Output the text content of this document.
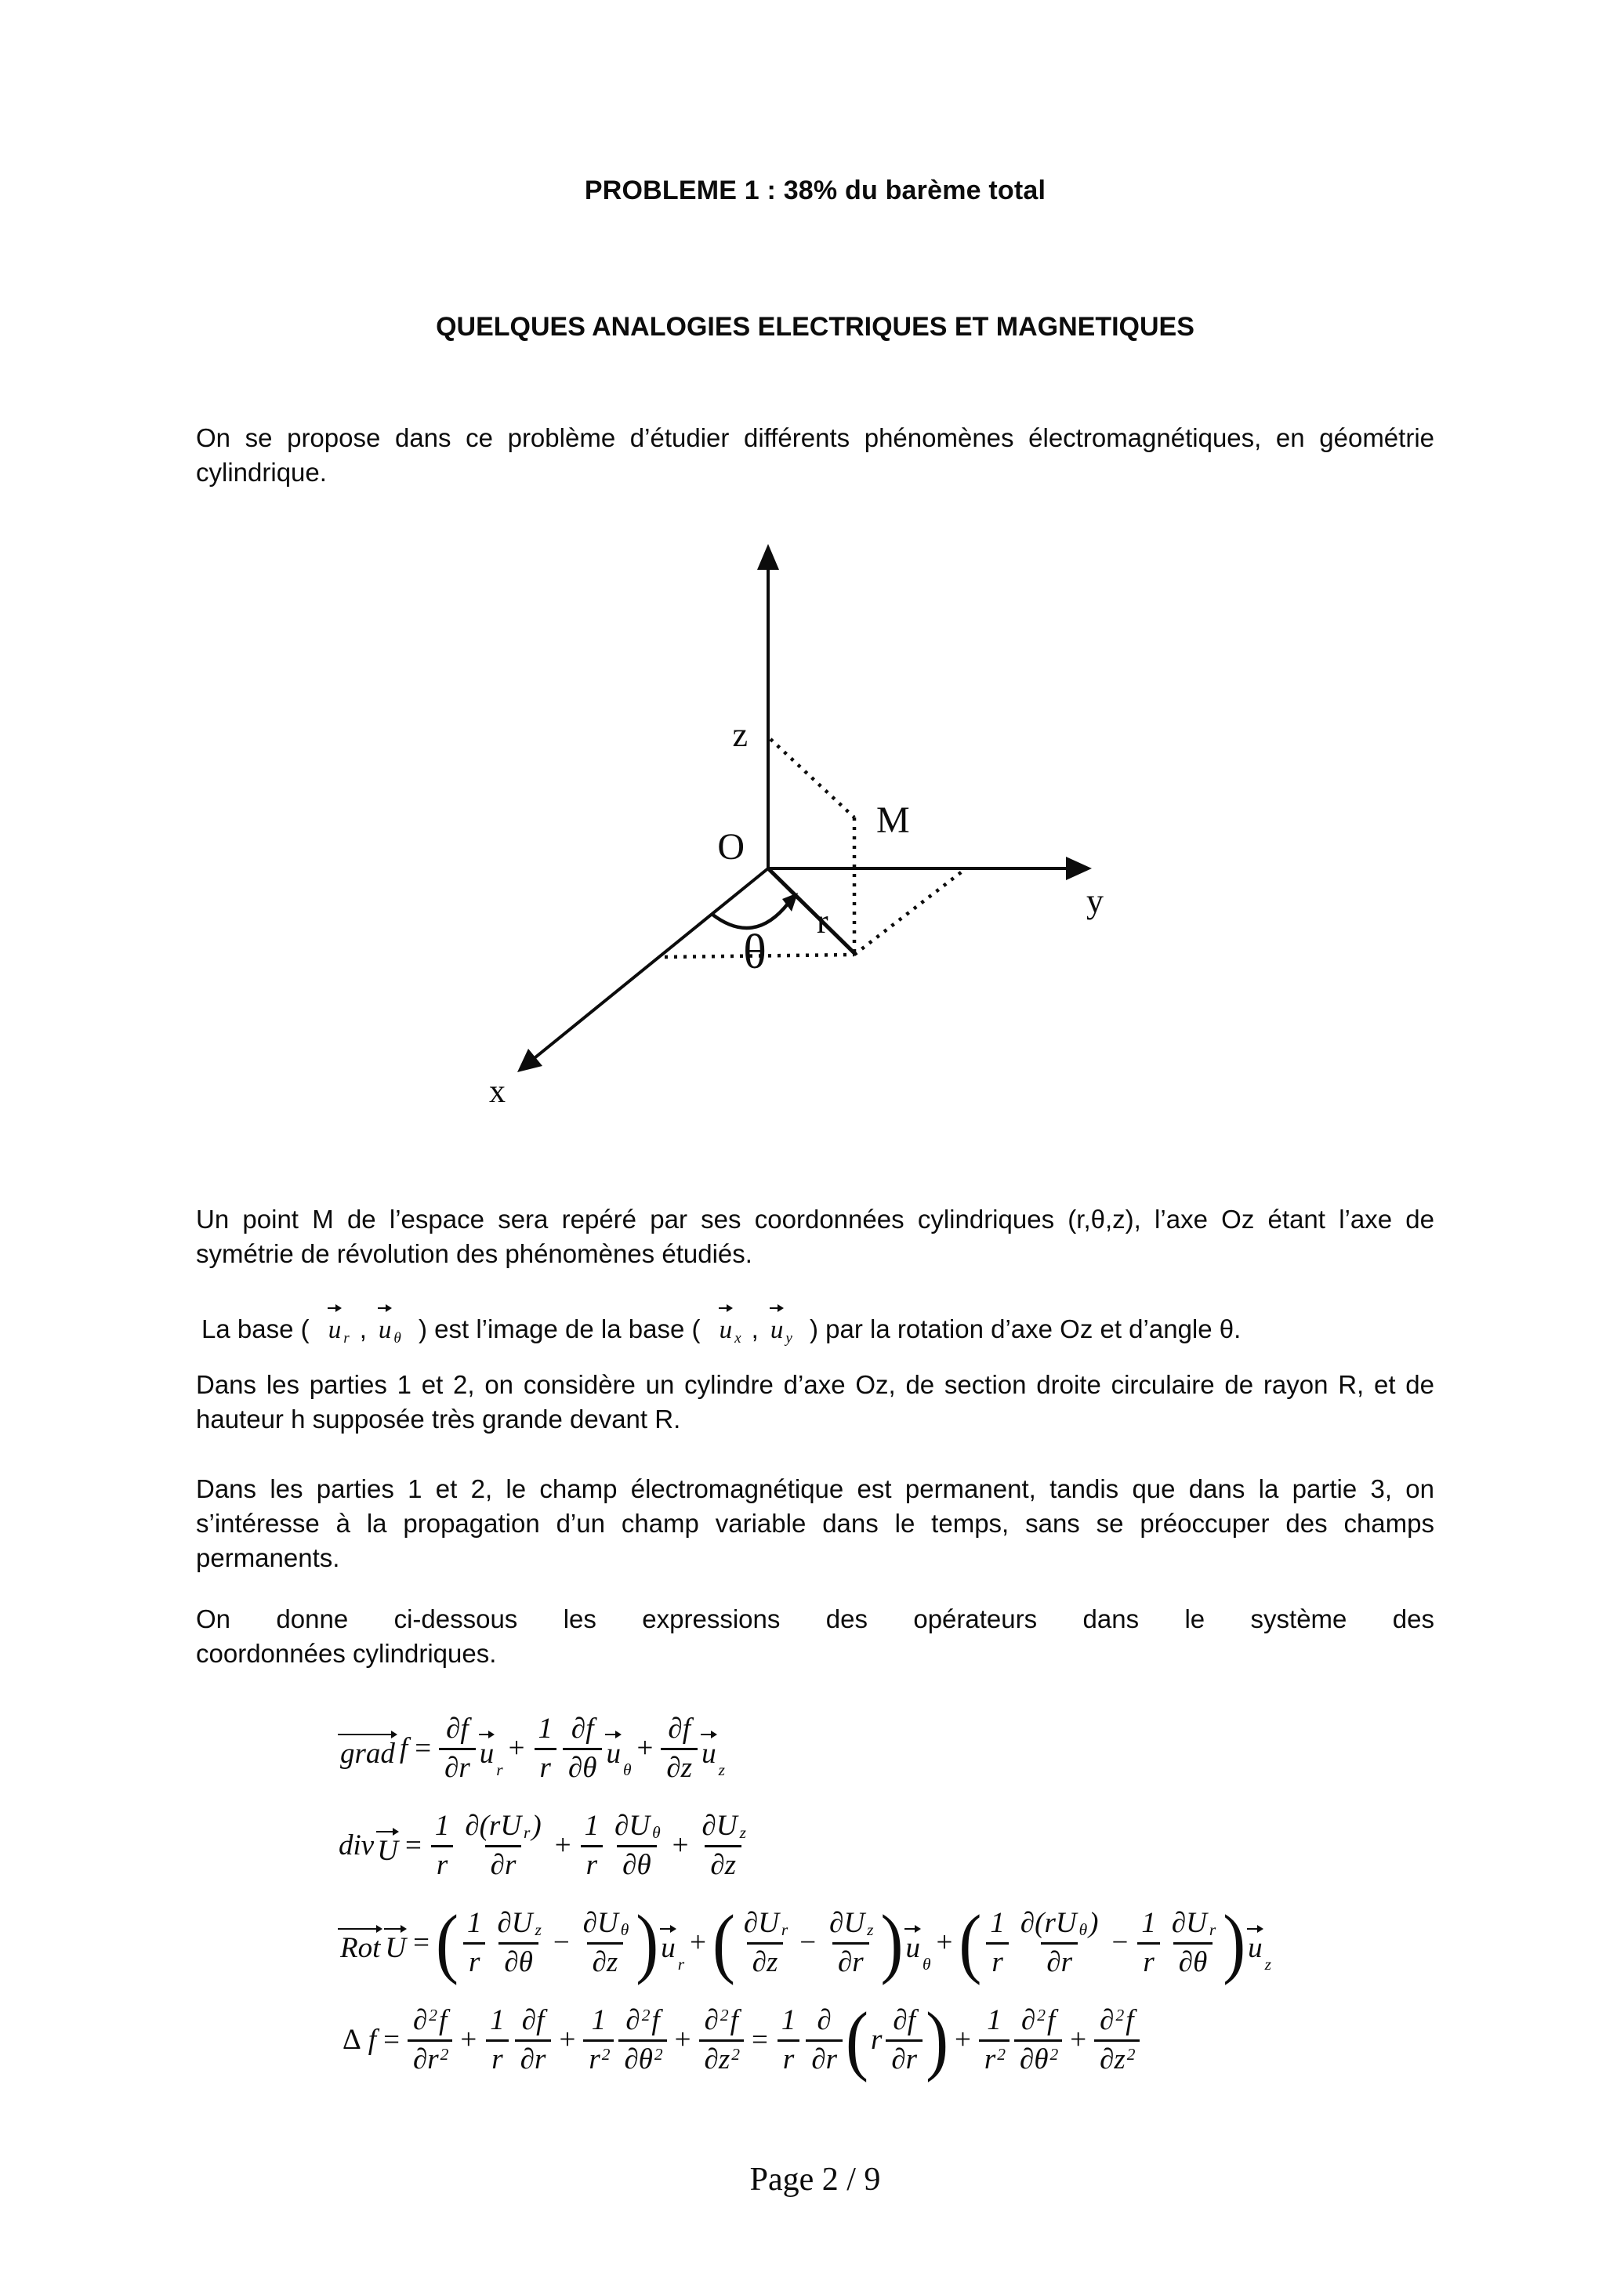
PROBLEME 1 : 38% du barème total
QUELQUES ANALOGIES ELECTRIQUES ET MAGNETIQUES

On se propose dans ce problème d’étudier différents phénomènes électromagnétiques, en géométrie cylindrique.

z
O
M
r
θ
y
x

Un point M de l’espace sera repéré par ses coordonnées cylindriques (r,θ,z), l’axe Oz étant l’axe de symétrie de révolution des phénomènes étudiés.

La base ( u r , u θ ) est l’image de la base ( u x , u y ) par la rotation d’axe Oz et d’angle θ.

Dans les parties 1 et 2, on considère un cylindre d’axe Oz, de section droite circulaire de rayon R, et de hauteur h supposée très grande devant R.

Dans les parties 1 et 2, le champ électromagnétique est permanent, tandis que dans la partie 3, on s’intéresse à la propagation d’un champ variable dans le temps, sans se préoccuper des champs permanents.

On donne ci-dessous les expressions des opérateurs dans le système des
coordonnées cylindriques.

grad $f = \frac{\partial f}{\partial r}$ u r
+ $\frac{1}{r} \frac{\partial f}{\partial\theta}$ u θ
+ $\frac{\partial f}{\partial z}$ u z
div $U = \frac{1}{r} \partial(rU$ r )
∂r
+ $\frac{1}{r} \frac{\text{∂U θ}}{\partial\theta} + \frac{\text{∂U z}}{\partial z}$
Rot U = ( $\frac{1}{r} \frac{\text{∂U z}}{\partial\theta} - \frac{\text{∂U θ}}{\partial z}$ ) u r
+ ( $\frac{\text{∂U r}}{\partial z} - \frac{\text{∂U z}}{\partial r}$ ) u θ
+ ( $\frac{1}{r} \partial(rU$ θ )
∂r
− $\frac{1}{r} \frac{\text{∂U r}}{\partial\theta}$ ) u z
Δ $f = \frac{\partial 2 f}{\partial r 2} + \frac{1}{r} \frac{\partial f}{\partial r} + \frac{1}{r 2} \frac{\partial 2 f}{\partial\theta 2} + \frac{\partial 2 f}{\partial z 2} = \frac{1}{r}$ ∂
∂r ( r $\frac{\partial f}{\partial r}$ ) + $\frac{1}{r 2} \frac{\partial 2 f}{\partial\theta 2} + \frac{\partial 2 f}{\partial z 2}$
Page 2 / 9
